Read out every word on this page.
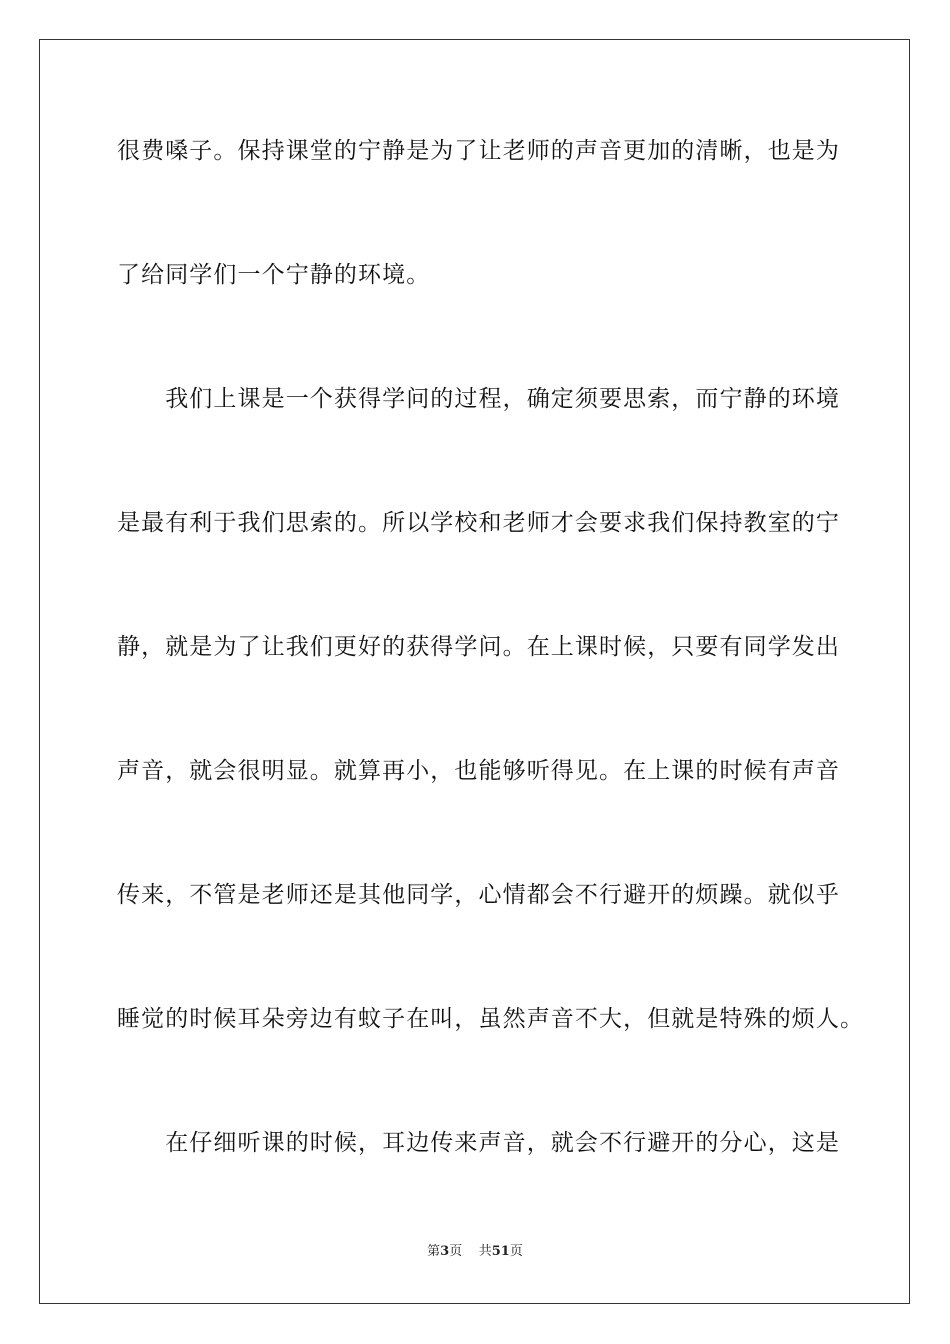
很费嗓子。保持课堂的宁静是为了让老师的声音更加的清晰，也是为
了给同学们一个宁静的环境。
　　我们上课是一个获得学问的过程，确定须要思索，而宁静的环境
是最有利于我们思索的。所以学校和老师才会要求我们保持教室的宁
静，就是为了让我们更好的获得学问。在上课时候，只要有同学发出
声音，就会很明显。就算再小，也能够听得见。在上课的时候有声音
传来，不管是老师还是其他同学，心情都会不行避开的烦躁。就似乎
睡觉的时候耳朵旁边有蚊子在叫，虽然声音不大，但就是特殊的烦人。
　　在仔细听课的时候，耳边传来声音，就会不行避开的分心，这是
第3页 共51页
